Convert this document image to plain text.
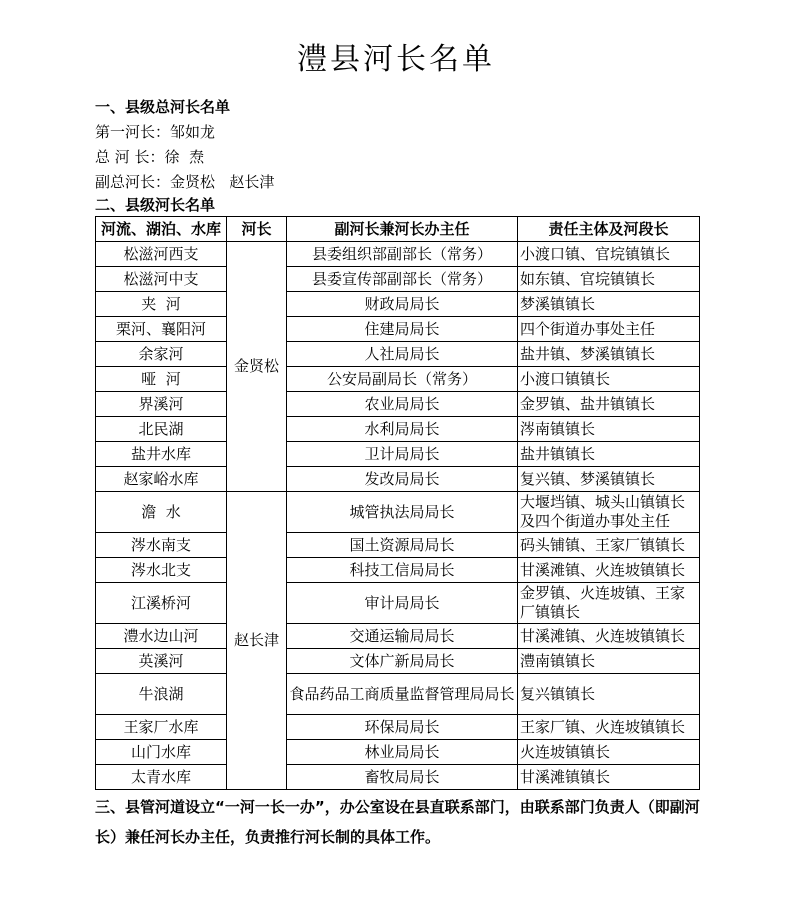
澧县河长名单
一、县级总河长名单
第一河长：邹如龙
总 河 长：徐  焘
副总河长：金贤松   赵长津
二、县级河长名单
河流、湖泊、水库	河长	副河长兼河长办主任	责任主体及河段长
松滋河西支	金贤松	县委组织部副部长（常务）	小渡口镇、官垸镇镇长
松滋河中支		县委宣传部副部长（常务）	如东镇、官垸镇镇长
夹  河		财政局局长	梦溪镇镇长
栗河、襄阳河		住建局局长	四个街道办事处主任
余家河		人社局局长	盐井镇、梦溪镇镇长
哑  河		公安局副局长（常务）	小渡口镇镇长
界溪河		农业局局长	金罗镇、盐井镇镇长
北民湖		水利局局长	涔南镇镇长
盐井水库		卫计局局长	盐井镇镇长
赵家峪水库		发改局局长	复兴镇、梦溪镇镇长
澹  水	赵长津	城管执法局局长	大堰垱镇、城头山镇镇长及四个街道办事处主任
涔水南支		国土资源局局长	码头铺镇、王家厂镇镇长
涔水北支		科技工信局局长	甘溪滩镇、火连坡镇镇长
江溪桥河		审计局局长	金罗镇、火连坡镇、王家厂镇镇长
澧水边山河		交通运输局局长	甘溪滩镇、火连坡镇镇长
英溪河		文体广新局局长	澧南镇镇长
牛浪湖		食品药品工商质量监督管理局局长	复兴镇镇长
王家厂水库		环保局局长	王家厂镇、火连坡镇镇长
山门水库		林业局局长	火连坡镇镇长
太青水库		畜牧局局长	甘溪滩镇镇长
三、县管河道设立“一河一长一办”，办公室设在县直联系部门，由联系部门负责人（即副河长）兼任河长办主任，负责推行河长制的具体工作。
